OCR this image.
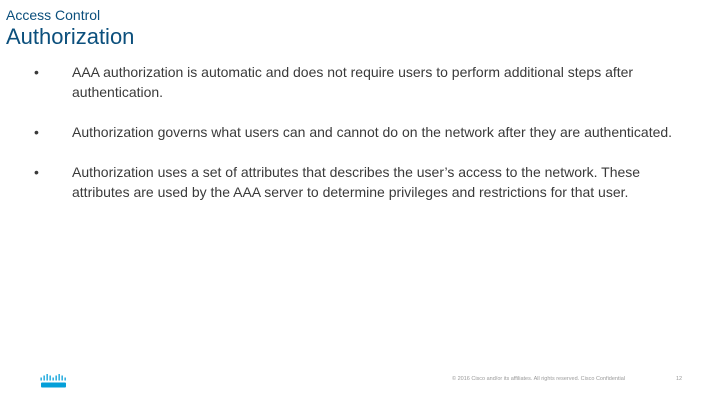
Access Control
Authorization
•	AAA authorization is automatic and does not require users to perform additional steps after authentication.
•	Authorization governs what users can and cannot do on the network after they are authenticated.
•	Authorization uses a set of attributes that describes the user’s access to the network. These attributes are used by the AAA server to determine privileges and restrictions for that user.
© 2016 Cisco and/or its affiliates. All rights reserved. Cisco Confidential	12
